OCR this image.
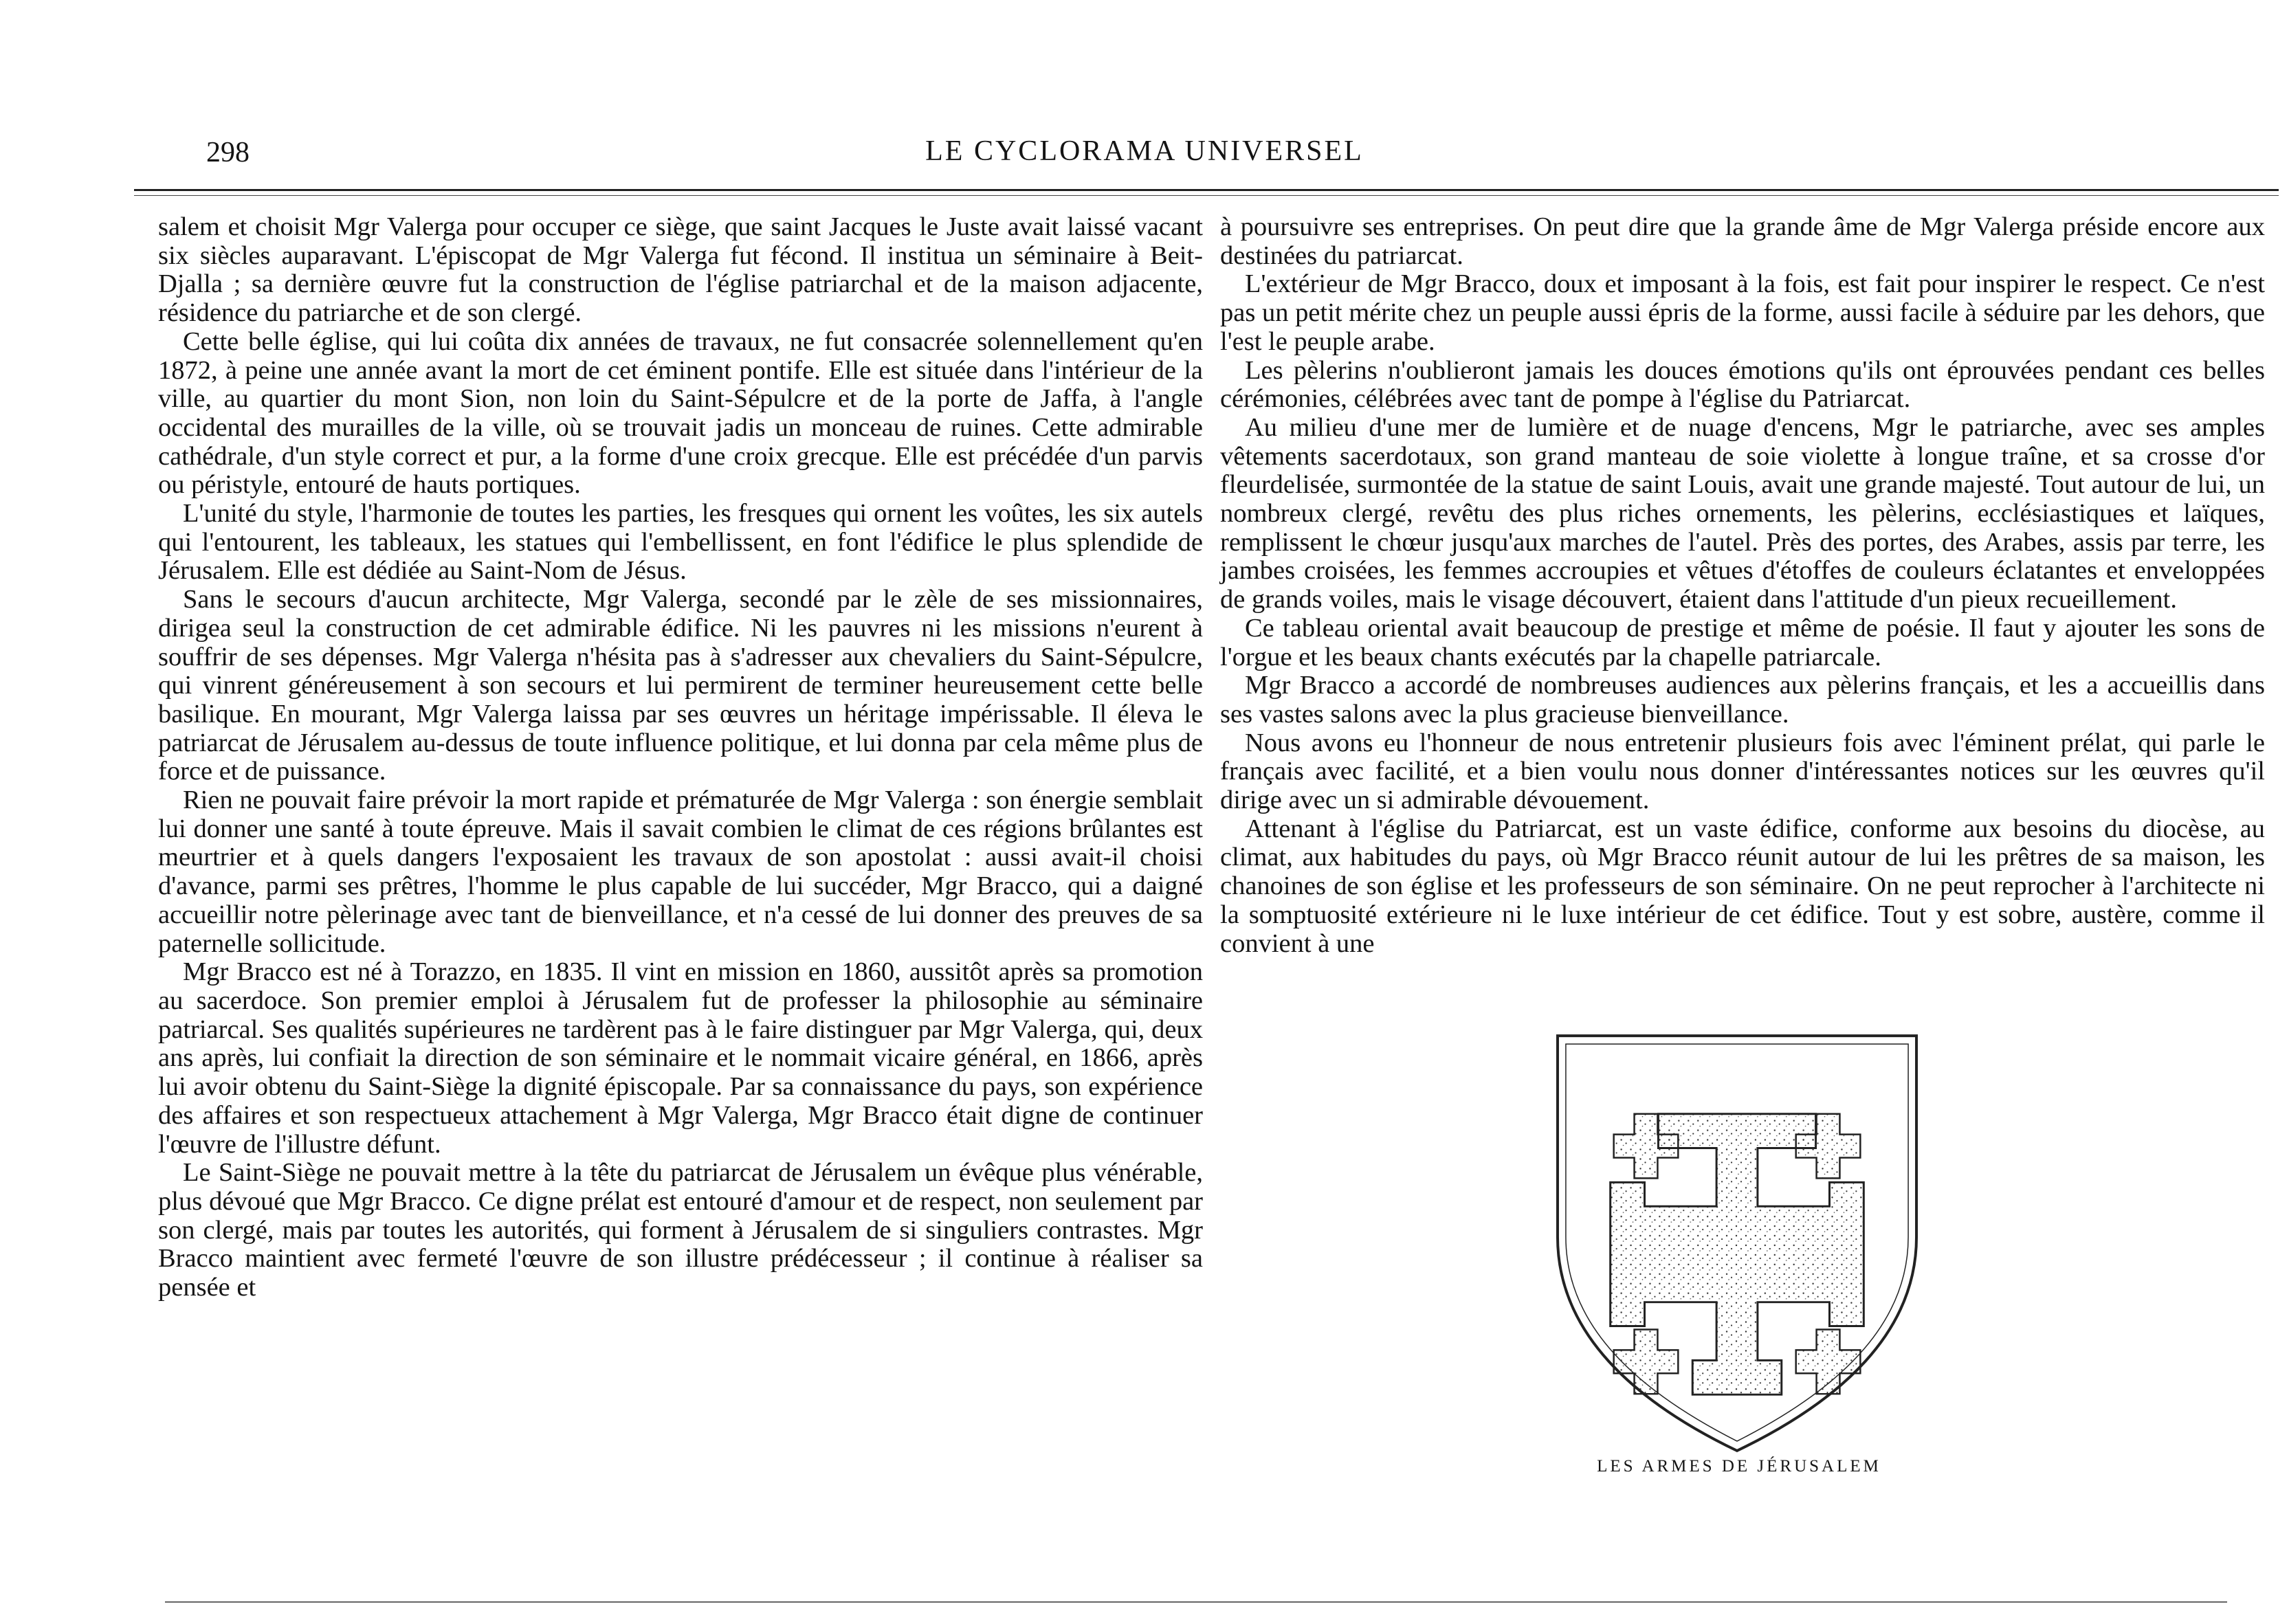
298	LE CYCLORAMA UNIVERSEL

salem et choisit Mgr Valerga pour occuper ce siège, que saint Jacques le Juste avait laissé vacant six siècles auparavant. L'épiscopat de Mgr Valerga fut fécond. Il institua un séminaire à Beit-Djalla ; sa dernière œuvre fut la construction de l'église patriarchal et de la maison adjacente, résidence du patriarche et de son clergé.

Cette belle église, qui lui coûta dix années de travaux, ne fut consacrée solennellement qu'en 1872, à peine une année avant la mort de cet éminent pontife. Elle est située dans l'intérieur de la ville, au quartier du mont Sion, non loin du Saint-Sépulcre et de la porte de Jaffa, à l'angle occidental des murailles de la ville, où se trouvait jadis un monceau de ruines. Cette admirable cathédrale, d'un style correct et pur, a la forme d'une croix grecque. Elle est précédée d'un parvis ou péristyle, entouré de hauts portiques.

L'unité du style, l'harmonie de toutes les parties, les fresques qui ornent les voûtes, les six autels qui l'entourent, les tableaux, les statues qui l'embellissent, en font l'édifice le plus splendide de Jérusalem. Elle est dédiée au Saint-Nom de Jésus.

Sans le secours d'aucun architecte, Mgr Valerga, secondé par le zèle de ses missionnaires, dirigea seul la construction de cet admirable édifice. Ni les pauvres ni les missions n'eurent à souffrir de ses dépenses. Mgr Valerga n'hésita pas à s'adresser aux chevaliers du Saint-Sépulcre, qui vinrent généreusement à son secours et lui permirent de terminer heureusement cette belle basilique. En mourant, Mgr Valerga laissa par ses œuvres un héritage impérissable. Il éleva le patriarcat de Jérusalem au-dessus de toute influence politique, et lui donna par cela même plus de force et de puissance.

Rien ne pouvait faire prévoir la mort rapide et prématurée de Mgr Valerga : son énergie semblait lui donner une santé à toute épreuve. Mais il savait combien le climat de ces régions brûlantes est meurtrier et à quels dangers l'exposaient les travaux de son apostolat : aussi avait-il choisi d'avance, parmi ses prêtres, l'homme le plus capable de lui succéder, Mgr Bracco, qui a daigné accueillir notre pèlerinage avec tant de bienveillance, et n'a cessé de lui donner des preuves de sa paternelle sollicitude.

Mgr Bracco est né à Torazzo, en 1835. Il vint en mission en 1860, aussitôt après sa promotion au sacerdoce. Son premier emploi à Jérusalem fut de professer la philosophie au séminaire patriarcal. Ses qualités supérieures ne tardèrent pas à le faire distinguer par Mgr Valerga, qui, deux ans après, lui confiait la direction de son séminaire et le nommait vicaire général, en 1866, après lui avoir obtenu du Saint-Siège la dignité épiscopale. Par sa connaissance du pays, son expérience des affaires et son respectueux attachement à Mgr Valerga, Mgr Bracco était digne de continuer l'œuvre de l'illustre défunt.

Le Saint-Siège ne pouvait mettre à la tête du patriarcat de Jérusalem un évêque plus vénérable, plus dévoué que Mgr Bracco. Ce digne prélat est entouré d'amour et de respect, non seulement par son clergé, mais par toutes les autorités, qui forment à Jérusalem de si singuliers contrastes. Mgr Bracco maintient avec fermeté l'œuvre de son illustre prédécesseur ; il continue à réaliser sa pensée et

à poursuivre ses entreprises. On peut dire que la grande âme de Mgr Valerga préside encore aux destinées du patriarcat.

L'extérieur de Mgr Bracco, doux et imposant à la fois, est fait pour inspirer le respect. Ce n'est pas un petit mérite chez un peuple aussi épris de la forme, aussi facile à séduire par les dehors, que l'est le peuple arabe.

Les pèlerins n'oublieront jamais les douces émotions qu'ils ont éprouvées pendant ces belles cérémonies, célébrées avec tant de pompe à l'église du Patriarcat.

Au milieu d'une mer de lumière et de nuage d'encens, Mgr le patriarche, avec ses amples vêtements sacerdotaux, son grand manteau de soie violette à longue traîne, et sa crosse d'or fleurdelisée, surmontée de la statue de saint Louis, avait une grande majesté. Tout autour de lui, un nombreux clergé, revêtu des plus riches ornements, les pèlerins, ecclésiastiques et laïques, remplissent le chœur jusqu'aux marches de l'autel. Près des portes, des Arabes, assis par terre, les jambes croisées, les femmes accroupies et vêtues d'étoffes de couleurs éclatantes et enveloppées de grands voiles, mais le visage découvert, étaient dans l'attitude d'un pieux recueillement.

Ce tableau oriental avait beaucoup de prestige et même de poésie. Il faut y ajouter les sons de l'orgue et les beaux chants exécutés par la chapelle patriarcale.

Mgr Bracco a accordé de nombreuses audiences aux pèlerins français, et les a accueillis dans ses vastes salons avec la plus gracieuse bienveillance.

Nous avons eu l'honneur de nous entretenir plusieurs fois avec l'éminent prélat, qui parle le français avec facilité, et a bien voulu nous donner d'intéressantes notices sur les œuvres qu'il dirige avec un si admirable dévouement.

Attenant à l'église du Patriarcat, est un vaste édifice, conforme aux besoins du diocèse, au climat, aux habitudes du pays, où Mgr Bracco réunit autour de lui les prêtres de sa maison, les chanoines de son église et les professeurs de son séminaire. On ne peut reprocher à l'architecte ni la somptuosité extérieure ni le luxe intérieur de cet édifice. Tout y est sobre, austère, comme il convient à une

LES ARMES DE JÉRUSALEM
